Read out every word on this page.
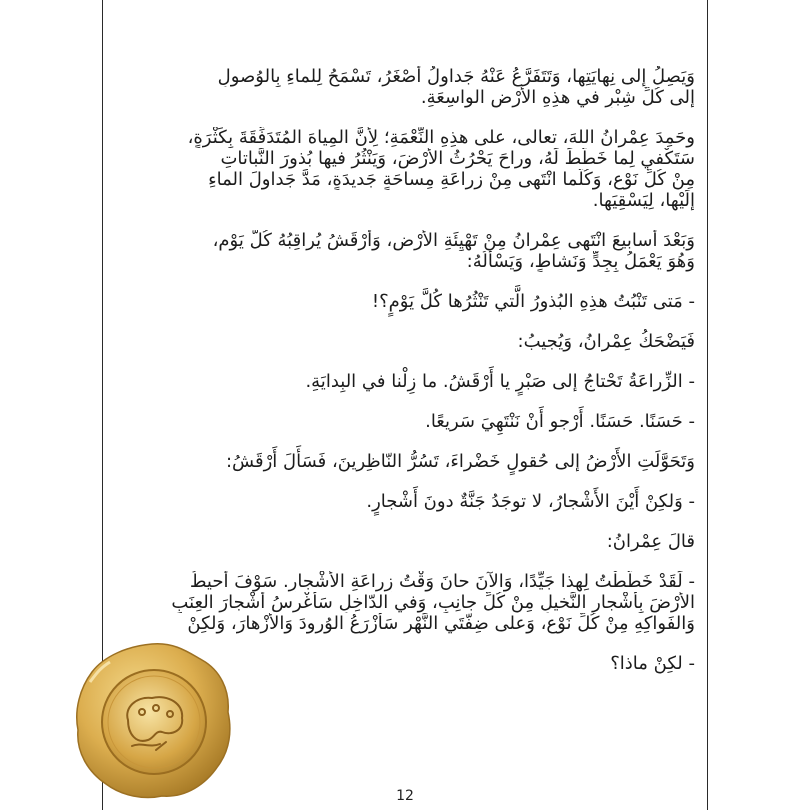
وَيَصِلُ إلى نِهايَتِها، وَتَتَفَرَّعُ عَنْهُ جَداوِلُ أَصْغَرُ، تَسْمَحُ لِلماءِ بِالوُصولِ
إلى كُلِّ شِبْرٍ في هذِهِ الأَرْضِ الواسِعَةِ.
وحَمِدَ عِمْرانُ اللهَ، تعالى، على هذِهِ النِّعْمَةِ؛ لِأَنَّ المِياهَ المُتَدَفِّقَةَ بِكَثْرَةٍ،
سَتَكْفي لِما خَطَّطَ لَهُ، وراحَ يَحْرُثُ الأَرْضَ، وَيَنْثُرُ فيها بُذورَ النَّباتاتِ
مِنْ كُلِّ نَوْعٍ، وَكُلَّما انْتَهى مِنْ زِراعَةِ مِساحَةٍ جَديدَةٍ، مَدَّ جَداوِلَ الماءِ
إِلَيْها، لِيَسْقِيَها.
وَبَعْدَ أَسابيعَ انْتَهى عِمْرانُ مِنْ تَهْيِئَةِ الأَرْضِ، وَأَرْقَشُ يُراقِبُهُ كُلَّ يَوْمٍ،
وَهُوَ يَعْمَلُ بِجِدٍّ وَنَشاطٍ، وَيَسْأَلُهُ:
- مَتى تَنْبُتُ هذِهِ البُذورُ الَّتي تَنْثُرُها كُلَّ يَوْمٍ؟!
فَيَضْحَكُ عِمْرانُ، وَيُجيبُ:
- الزِّراعَةُ تَحْتاجُ إلى صَبْرٍ يا أَرْقَشُ. ما زِلْنا في البِدايَةِ.
- حَسَنًا. حَسَنًا. أَرْجو أَنْ نَنْتَهِيَ سَريعًا.
وَتَحَوَّلَتِ الأَرْضُ إلى حُقولٍ خَضْراءَ، تَسُرُّ النّاظِرينَ، فَسَأَلَ أَرْقَشُ:
- وَلكِنْ أَيْنَ الأَشْجارُ، لا توجَدُ جَنَّةٌ دونَ أَشْجارٍ.
قالَ عِمْرانُ:
- لَقَدْ خَطَّطْتُ لِهذا جَيِّدًا، وَالآنَ حانَ وَقْتُ زِراعَةِ الأَشْجارِ. سَوْفَ أُحيطُ
الأَرْضَ بِأَشْجارِ النَّخيلِ مِنْ كُلِّ جانِبٍ، وَفي الدّاخِلِ سَأَغْرِسُ أَشْجارَ العِنَبِ
وَالفَواكِهِ مِنْ كُلِّ نَوْعٍ، وَعلى ضِفَّتَيِ النَّهْرِ سَأَزْرَعُ الوُرودَ وَالأَزْهارَ، وَلكِنْ
- لكِنْ ماذا؟
12
